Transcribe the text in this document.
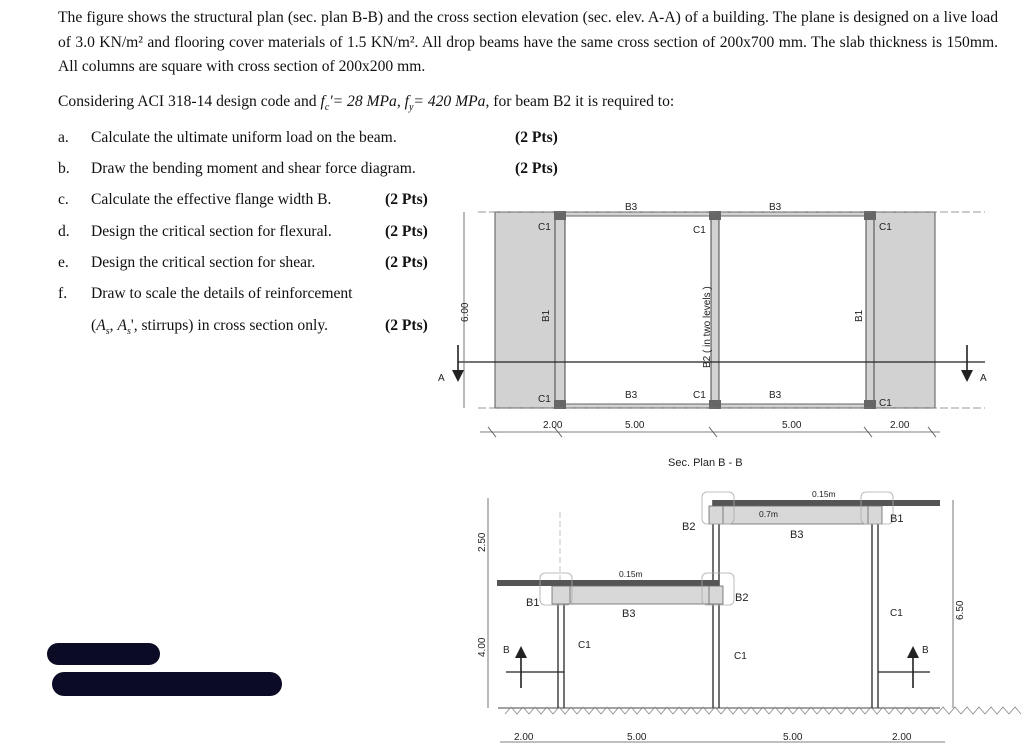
The figure shows the structural plan (sec. plan B-B) and the cross section elevation (sec. elev. A-A) of a building. The plane is designed on a live load of 3.0 KN/m² and flooring cover materials of 1.5 KN/m². All drop beams have the same cross section of 200x700 mm. The slab thickness is 150mm. All columns are square with cross section of 200x200 mm.
Considering ACI 318-14 design code and $f_c'= 28$ MPa, $f_y= 420$ MPa, for beam B2 it is required to:
a. Calculate the ultimate uniform load on the beam.	(2 Pts)
b. Draw the bending moment and shear force diagram.	(2 Pts)
c. Calculate the effective flange width B.	(2 Pts)
d. Design the critical section for flexural.	(2 Pts)
e. Design the critical section for shear.	(2 Pts)
f. Draw to scale the details of reinforcement
($A_s$, $A_s'$, stirrups) in cross section only.	(2 Pts)
A	A
B3	B3
B3	B3
C1	C1	C1
C1	C1
C1
B1	B1
B2 ( in two levels )
6.00
2.00	5.00	5.00	2.00
Sec. Plan B - B
B	B
0.15m
0.15m
0.7m
B1
B1
B2
B2
B3
B3
C1
C1
C1
2.50
4.00
6.50
2.00	5.00	5.00	2.00
